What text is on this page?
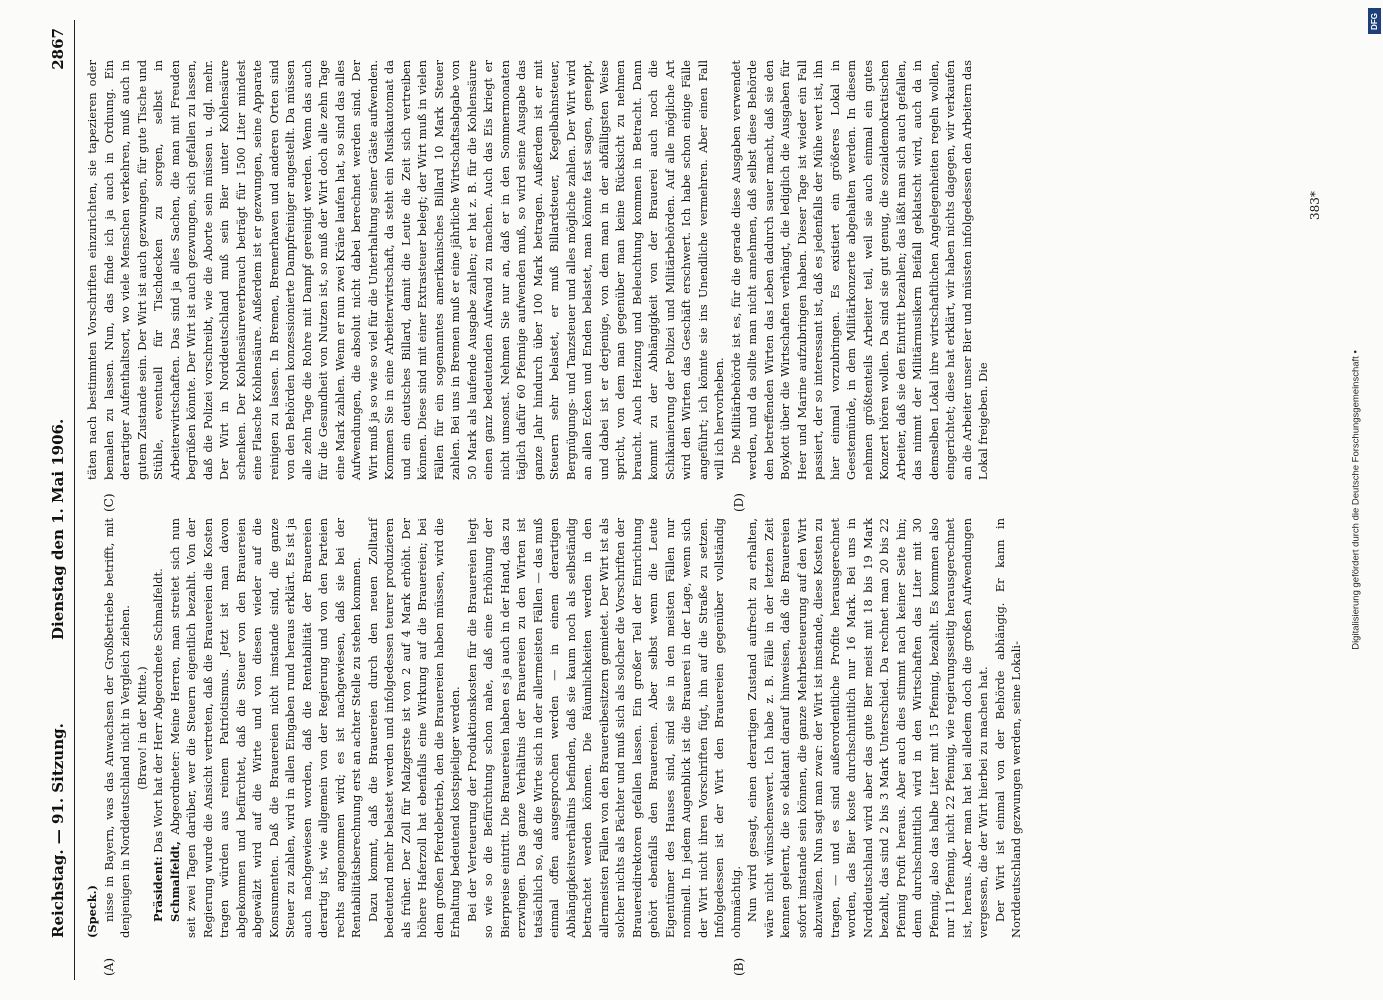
Reichstag. — 91. Sitzung.
Dienstag den 1. Mai 1906.
2867
(A)	(B)
(C)	(D)

(Speck.) nisse in Bayern, was das Anwachsen der Großbetriebe betrifft, mit denjenigen in Norddeutschland nicht in Vergleich ziehen. (Bravo! in der Mitte.)

Präsident: Das Wort hat der Herr Abgeordnete Schmalfeldt.

Schmalfeldt, Abgeordneter: Meine Herren, man streitet sich nun seit zwei Tagen darüber, wer die Steuern eigentlich bezahlt. Von der Regierung wurde die Ansicht vertreten, daß die Brauereien die Kosten tragen würden aus reinem Patriotismus. Jetzt ist man davon abgekommen und befürchtet, daß die Steuer von den Brauereien abgewälzt wird auf die Wirte und von diesen wieder auf die Konsumenten. Daß die Brauereien nicht imstande sind, die ganze Steuer zu zahlen, wird in allen Eingaben rund heraus erklärt. Es ist ja auch nachgewiesen worden, daß die Rentabilität der Brauereien derartig ist, wie allgemein von der Regierung und von den Parteien rechts angenommen wird; es ist nachgewiesen, daß sie bei der Rentabilitätsberechnung erst an achter Stelle zu stehen kommen. Dazu kommt, daß die Brauereien durch den neuen Zolltarif bedeutend mehr belastet werden und infolgedessen teurer produzieren als früher. Der Zoll für Malzgerste ist von 2 auf 4 Mark erhöht. Der höhere Haferzoll hat ebenfalls eine Wirkung auf die Brauereien; bei dem großen Pferdebetrieb, den die Brauereien haben müssen, wird die Erhaltung bedeutend kostspieliger werden. Bei der Verteuerung der Produktionskosten für die Brauereien liegt so wie so die Befürchtung schon nahe, daß eine Erhöhung der Bierpreise eintritt. Die Brauereien haben es ja auch in der Hand, das zu erzwingen. Das ganze Verhältnis der Brauereien zu den Wirten ist tatsächlich so, daß die Wirte sich in der allermeisten Fällen — das muß einmal offen ausgesprochen werden — in einem derartigen Abhängigkeitsverhältnis befinden, daß sie kaum noch als selbständig betrachtet werden können. Die Räumlichkeiten werden in den allermeisten Fällen von den Brauereibesitzern gemietet. Der Wirt ist als solcher nichts als Pächter und muß sich als solcher die Vorschriften der Brauereidirektoren gefallen lassen. Ein großer Teil der Einrichtung gehört ebenfalls den Brauereien. Aber selbst wenn die Leute Eigentümer des Hauses sind, sind sie in den meisten Fällen nur nominell. In jedem Augenblick ist die Brauerei in der Lage, wenn sich der Wirt nicht ihren Vorschriften fügt, ihn auf die Straße zu setzen. Infolgedessen ist der Wirt den Brauereien gegenüber vollständig ohnmächtig. Nun wird gesagt, einen derartigen Zustand aufrecht zu erhalten, wäre nicht wünschenswert. Ich habe z. B. Fälle in der letzten Zeit kennen gelernt, die so eklatant darauf hinweisen, daß die Brauereien sofort imstande sein können, die ganze Mehrbesteuerung auf den Wirt abzuwälzen. Nun sagt man zwar: der Wirt ist imstande, diese Kosten zu tragen, — und es sind außerordentliche Profite herausgerechnet worden, das Bier koste durchschnittlich nur 16 Mark. Bei uns in Norddeutschland wird aber das gute Bier meist mit 18 bis 19 Mark bezahlt, das sind 2 bis 3 Mark Unterschied. Da rechnet man 20 bis 22 Pfennig Profit heraus. Aber auch dies stimmt nach keiner Seite hin; denn durchschnittlich wird in den Wirtschaften das Liter mit 30 Pfennig, also das halbe Liter mit 15 Pfennig, bezahlt. Es kommen also nur 11 Pfennig, nicht 22 Pfennig, wie regierungsseitig herausgerechnet ist, heraus. Aber man hat bei alledem doch die großen Aufwendungen vergessen, die der Wirt hierbei zu machen hat. Der Wirt ist einmal von der Behörde abhängig. Er kann in Norddeutschland gezwungen werden, seine Lokali-

täten nach bestimmten Vorschriften einzurichten, sie tapezieren oder bemalen zu lassen. Nun, das finde ich ja auch in Ordnung. Ein derartiger Aufenthaltsort, wo viele Menschen verkehren, muß auch in gutem Zustande sein. Der Wirt ist auch gezwungen, für gute Tische und Stühle, eventuell für Tischdecken zu sorgen, selbst in Arbeiterwirtschaften. Das sind ja alles Sachen, die man mit Freuden begrüßen könnte. Der Wirt ist auch gezwungen, sich gefallen zu lassen, daß die Polizei vorschreibt, wie die Aborte sein müssen u. dgl. mehr. Der Wirt in Norddeutschland muß sein Bier unter Kohlensäure schenken. Der Kohlensäureverbrauch beträgt für 1500 Liter mindest eine Flasche Kohlensäure. Außerdem ist er gezwungen, seine Apparate reinigen zu lassen. In Bremen, Bremerhaven und anderen Orten sind von den Behörden konzessionierte Dampfreiniger angestellt. Da müssen alle zehn Tage die Rohre mit Dampf gereinigt werden. Wenn das auch für die Gesundheit von Nutzen ist, so muß der Wirt doch alle zehn Tage eine Mark zahlen. Wenn er nun zwei Kräne laufen hat, so sind das alles Aufwendungen, die absolut nicht dabei berechnet werden sind. Der Wirt muß ja so wie so viel für die Unterhaltung seiner Gäste aufwenden. Kommen Sie in eine Arbeiterwirtschaft, da steht ein Musikautomat da und ein deutsches Billard, damit die Leute die Zeit sich vertreiben können. Diese sind mit einer Extrasteuer belegt; der Wirt muß in vielen Fällen für ein sogenanntes amerikanisches Billard 10 Mark Steuer zahlen. Bei uns in Bremen muß er eine jährliche Wirtschaftsabgabe von 50 Mark als laufende Ausgabe zahlen; er hat z. B. für die Kohlensäure einen ganz bedeutenden Aufwand zu machen. Auch das Eis kriegt er nicht umsonst. Nehmen Sie nur an, daß er in den Sommermonaten täglich dafür 60 Pfennige aufwenden muß, so wird seine Ausgabe das ganze Jahr hindurch über 100 Mark betragen. Außerdem ist er mit Steuern sehr belastet, er muß Billardsteuer, Kegelbahnsteuer, Bergnügungs- und Tanzsteuer und alles mögliche zahlen. Der Wirt wird an allen Ecken und Enden belastet, man könnte fast sagen, geneppt, und dabei ist er derjenige, von dem man in der abfälligsten Weise spricht, von dem man gegenüber man keine Rücksicht zu nehmen braucht. Auch Heizung und Beleuchtung kommen in Betracht. Dann kommt zu der Abhängigkeit von der Brauerei auch noch die Schikanierung der Polizei und Militärbehörden. Auf alle mögliche Art wird den Wirten das Geschäft erschwert. Ich habe schon einige Fälle angeführt; ich könnte sie ins Unendliche vermehren. Aber einen Fall will ich hervorheben. Die Militärbehörde ist es, für die gerade diese Ausgaben verwendet werden, und da sollte man nicht annehmen, daß selbst diese Behörde den betreffenden Wirten das Leben dadurch sauer macht, daß sie den Boykott über die Wirtschaften verhängt, die lediglich die Ausgaben für Heer und Marine aufzubringen haben. Dieser Tage ist wieder ein Fall passiert, der so interessant ist, daß es jedenfalls der Mühe wert ist, ihn hier einmal vorzubringen. Es existiert ein größeres Lokal in Geestemünde, in dem Militärkonzerte abgehalten werden. In diesem nehmen größtenteils Arbeiter teil, weil sie auch einmal ein gutes Konzert hören wollen. Da sind sie gut genug, die sozialdemokratischen Arbeiter, daß sie den Eintritt bezahlen; das läßt man sich auch gefallen, das nimmt der Militärmusikern Beifall geklatscht wird, auch da in demselben Lokal ihre wirtschaftlichen Angelegenheiten regeln wollen, eingerichtet; diese hat erklärt, wir haben nichts dagegen, wir verkaufen an die Arbeiter unser Bier und müssten infolgedessen den Arbeitern das Lokal freigeben. Die

383*
Digitalisierung gefördert durch die Deutsche Forschungsgemeinschaft •
DFG
